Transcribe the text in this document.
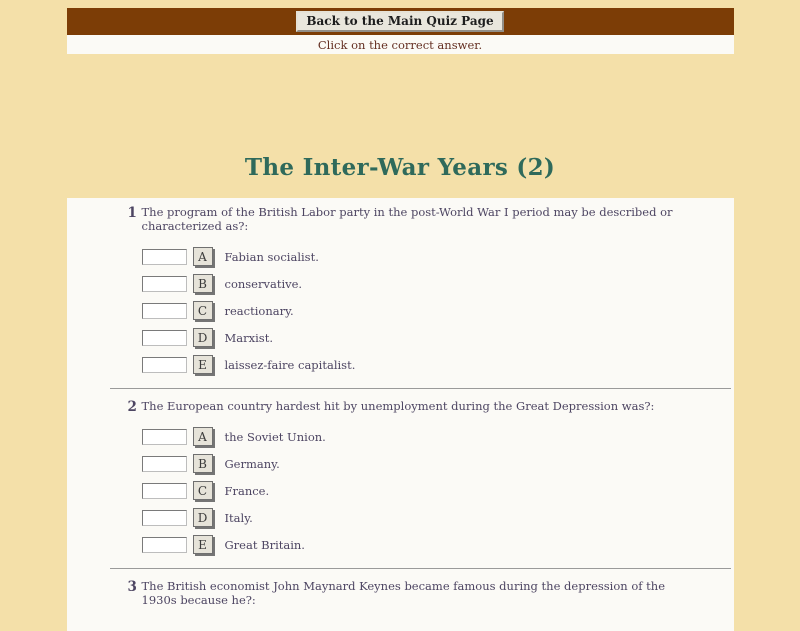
Back to the Main Quiz Page
Click on the correct answer.
The Inter-War Years (2)
1 The program of the British Labor party in the post-World War I period may be described or characterized as?:
A	Fabian socialist.
B	conservative.
C	reactionary.
D	Marxist.
E	laissez-faire capitalist.
2 The European country hardest hit by unemployment during the Great Depression was?:
A	the Soviet Union.
B	Germany.
C	France.
D	Italy.
E	Great Britain.
3 The British economist John Maynard Keynes became famous during the depression of the 1930s because he?:
